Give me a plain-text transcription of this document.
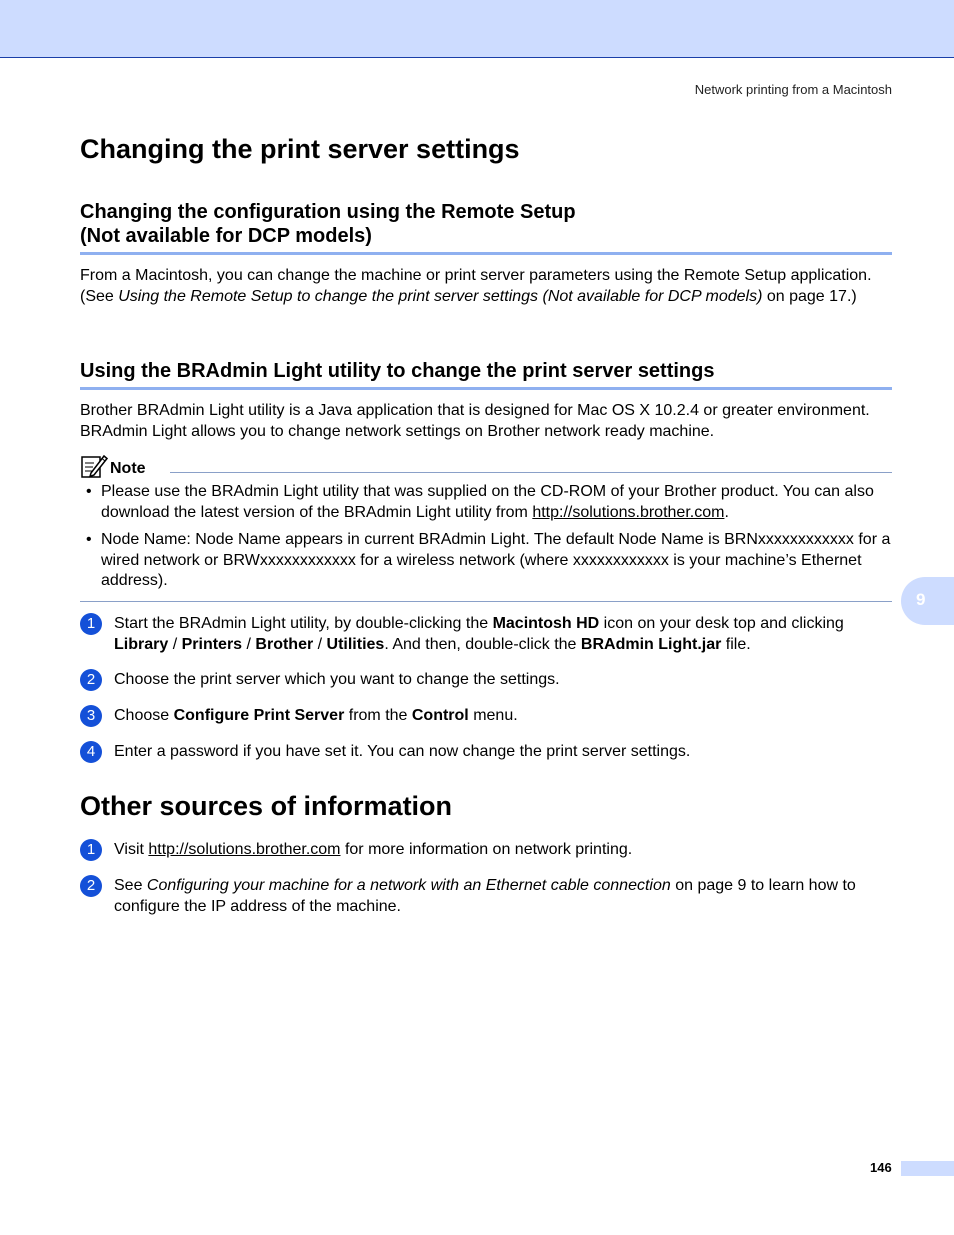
Network printing from a Macintosh
Changing the print server settings
Changing the configuration using the Remote Setup
(Not available for DCP models)

From a Macintosh, you can change the machine or print server parameters using the Remote Setup application. (See Using the Remote Setup to change the print server settings (Not available for DCP models) on page 17.)

Using the BRAdmin Light utility to change the print server settings

Brother BRAdmin Light utility is a Java application that is designed for Mac OS X 10.2.4 or greater environment. BRAdmin Light allows you to change network settings on Brother network ready machine.

Note
• Please use the BRAdmin Light utility that was supplied on the CD-ROM of your Brother product. You can also download the latest version of the BRAdmin Light utility from http://solutions.brother.com.
• Node Name: Node Name appears in current BRAdmin Light. The default Node Name is BRNxxxxxxxxxxxx for a wired network or BRWxxxxxxxxxxxx for a wireless network (where xxxxxxxxxxxx is your machine’s Ethernet address).
1	Start the BRAdmin Light utility, by double-clicking the Macintosh HD icon on your desk top and clicking Library / Printers / Brother / Utilities. And then, double-click the BRAdmin Light.jar file.
2	Choose the print server which you want to change the settings.
3	Choose Configure Print Server from the Control menu.
4	Enter a password if you have set it. You can now change the print server settings.
Other sources of information
1	Visit http://solutions.brother.com for more information on network printing.
2	See Configuring your machine for a network with an Ethernet cable connection on page 9 to learn how to configure the IP address of the machine.
9
146
